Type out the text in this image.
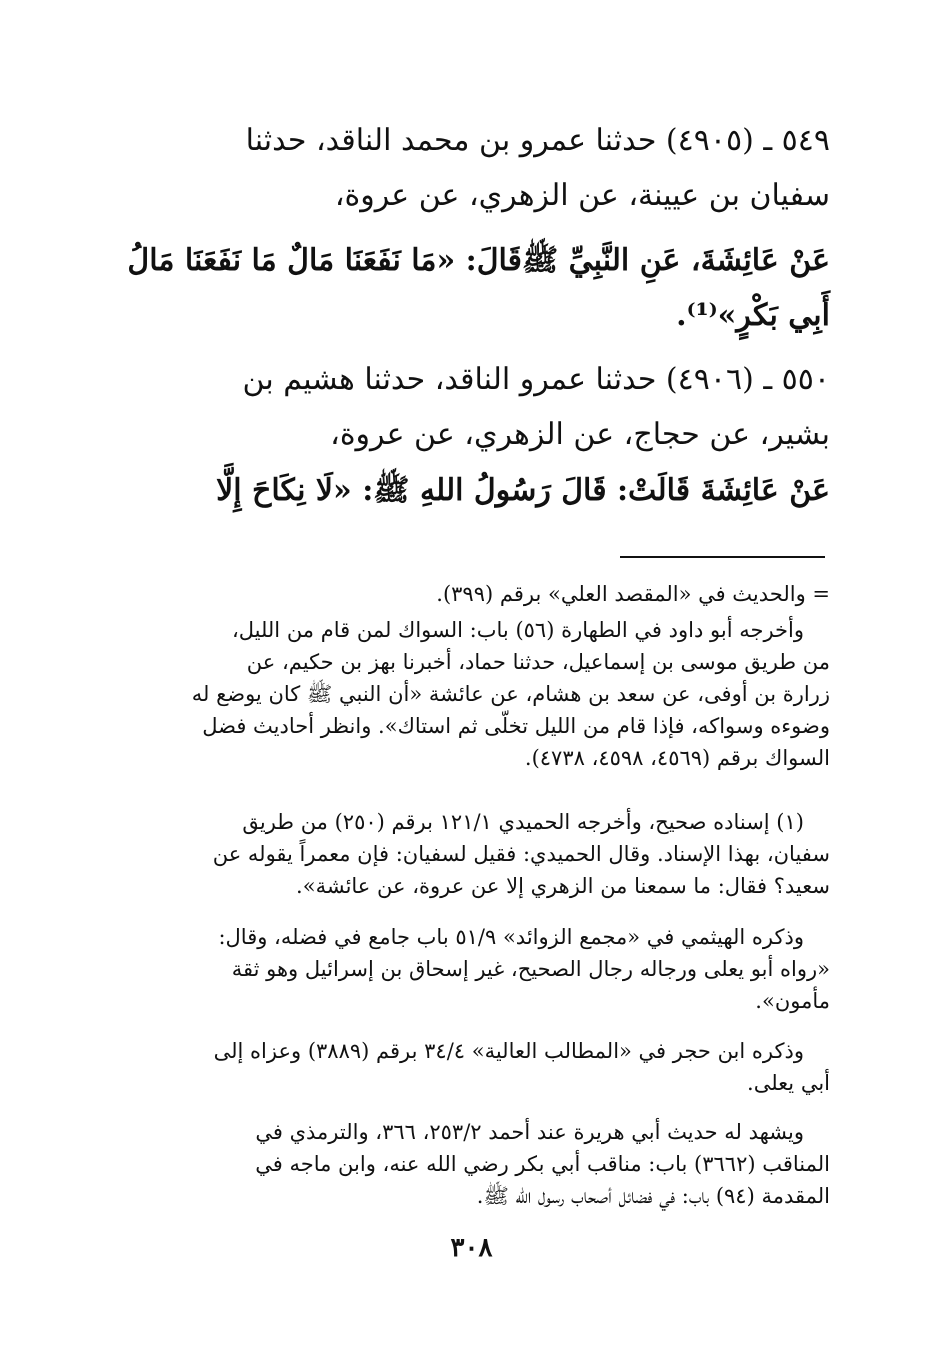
٥٤٩ ـ (٤٩٠٥) حدثنا عمرو بن محمد الناقد، حدثنا
سفيان بن عيينة، عن الزهري، عن عروة،
عَنْ عَائِشَةَ، عَنِ النَّبِيِّ ﷺقَالَ: «مَا نَفَعَنَا مَالٌ مَا نَفَعَنَا مَالُ
أَبِي بَكْرٍ»⁽¹⁾.
٥٥٠ ـ (٤٩٠٦) حدثنا عمرو الناقد، حدثنا هشيم بن
بشير، عن حجاج، عن الزهري، عن عروة،
عَنْ عَائِشَةَ قَالَتْ: قَالَ رَسُولُ اللهِ ﷺ: «لَا نِكَاحَ إِلَّا
= والحديث في «المقصد العلي» برقم (٣٩٩).
وأخرجه أبو داود في الطهارة (٥٦) باب: السواك لمن قام من الليل،
من طريق موسى بن إسماعيل، حدثنا حماد، أخبرنا بهز بن حكيم، عن
زرارة بن أوفى، عن سعد بن هشام، عن عائشة «أن النبي ﷺ كان يوضع له
وضوءه وسواكه، فإذا قام من الليل تخلّى ثم استاك». وانظر أحاديث فضل
السواك برقم (٤٥٦٩، ٤٥٩٨، ٤٧٣٨).
(١) إسناده صحيح، وأخرجه الحميدي ١٢١/١ برقم (٢٥٠) من طريق
سفيان، بهذا الإسناد. وقال الحميدي: فقيل لسفيان: فإن معمراً يقوله عن
سعيد؟ فقال: ما سمعنا من الزهري إلا عن عروة، عن عائشة».
وذكره الهيثمي في «مجمع الزوائد» ٥١/٩ باب جامع في فضله، وقال:
«رواه أبو يعلى ورجاله رجال الصحيح، غير إسحاق بن إسرائيل وهو ثقة
مأمون».
وذكره ابن حجر في «المطالب العالية» ٣٤/٤ برقم (٣٨٨٩) وعزاه إلى
أبي يعلى.
ويشهد له حديث أبي هريرة عند أحمد ٢٥٣/٢، ٣٦٦، والترمذي في
المناقب (٣٦٦٢) باب: مناقب أبي بكر رضي الله عنه، وابن ماجه في
المقدمة (٩٤) باب: في فضائل أصحاب رسول الله ﷺ.
٣٠٨
